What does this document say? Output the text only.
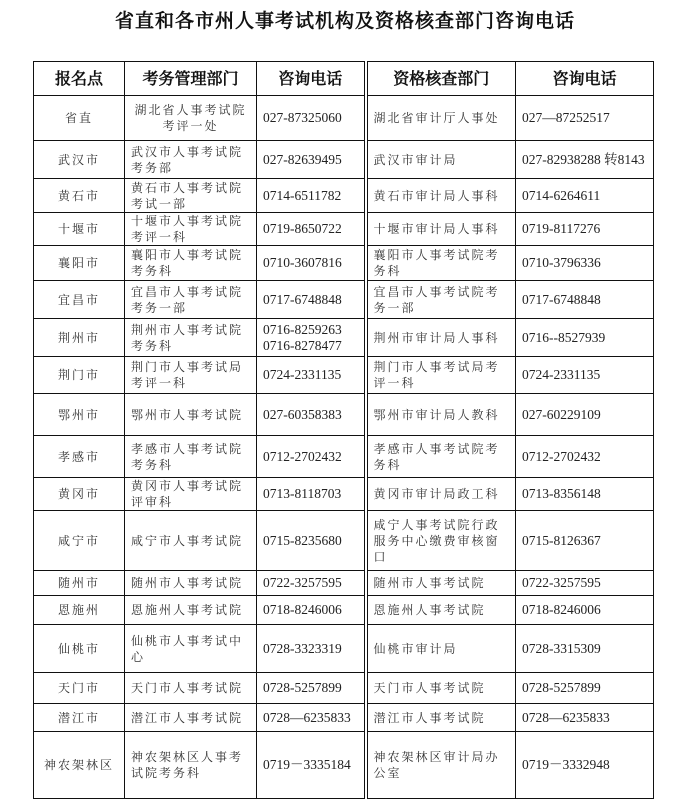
省直和各市州人事考试机构及资格核查部门咨询电话
报名点	考务管理部门	咨询电话	资格核查部门	咨询电话
省直	湖北省人事考试院考评一处	027-87325060	湖北省审计厅人事处	027—87252517
武汉市	武汉市人事考试院考务部	027-82639495	武汉市审计局	027-82938288 转8143
黄石市	黄石市人事考试院考试一部	0714-6511782	黄石市审计局人事科	0714-6264611
十堰市	十堰市人事考试院考评一科	0719-8650722	十堰市审计局人事科	0719-8117276
襄阳市	襄阳市人事考试院考务科	0710-3607816	襄阳市人事考试院考务科	0710-3796336
宜昌市	宜昌市人事考试院考务一部	0717-6748848	宜昌市人事考试院考务一部	0717-6748848
荆州市	荆州市人事考试院考务科	0716-8259263 0716-8278477	荆州市审计局人事科	0716--8527939
荆门市	荆门市人事考试局考评一科	0724-2331135	荆门市人事考试局考评一科	0724-2331135
鄂州市	鄂州市人事考试院	027-60358383	鄂州市审计局人教科	027-60229109
孝感市	孝感市人事考试院考务科	0712-2702432	孝感市人事考试院考务科	0712-2702432
黄冈市	黄冈市人事考试院评审科	0713-8118703	黄冈市审计局政工科	0713-8356148
咸宁市	咸宁市人事考试院	0715-8235680	咸宁人事考试院行政服务中心缴费审核窗口	0715-8126367
随州市	随州市人事考试院	0722-3257595	随州市人事考试院	0722-3257595
恩施州	恩施州人事考试院	0718-8246006	恩施州人事考试院	0718-8246006
仙桃市	仙桃市人事考试中心	0728-3323319	仙桃市审计局	0728-3315309
天门市	天门市人事考试院	0728-5257899	天门市人事考试院	0728-5257899
潜江市	潜江市人事考试院	0728—6235833	潜江市人事考试院	0728—6235833
神农架林区	神农架林区人事考试院考务科	0719－3335184	神农架林区审计局办公室	0719－3332948
